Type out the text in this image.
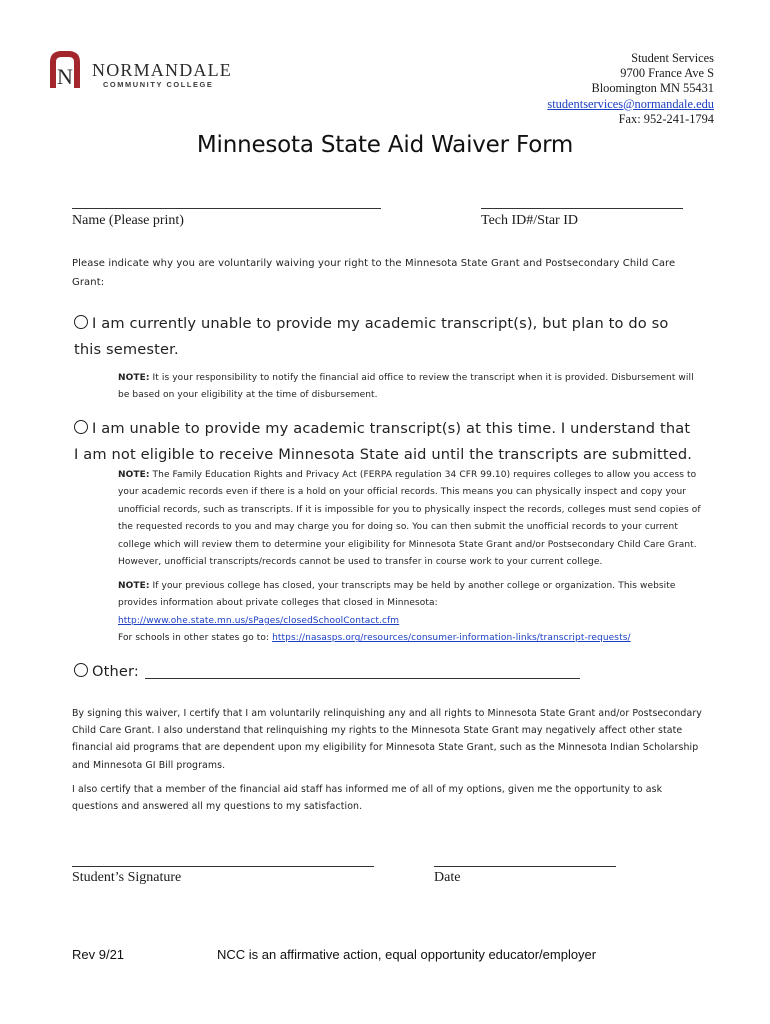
N NORMANDALE
COMMUNITY COLLEGE
Student Services
9700 France Ave S
Bloomington MN 55431
studentservices@normandale.edu
Fax: 952-241-1794
Minnesota State Aid Waiver Form
Name (Please print)	Tech ID#/Star ID
Please indicate why you are voluntarily waiving your right to the Minnesota State Grant and Postsecondary Child Care Grant:
I am currently unable to provide my academic transcript(s), but plan to do so this semester.
NOTE: It is your responsibility to notify the financial aid office to review the transcript when it is provided. Disbursement will be based on your eligibility at the time of disbursement.
I am unable to provide my academic transcript(s) at this time. I understand that I am not eligible to receive Minnesota State aid until the transcripts are submitted.
NOTE: The Family Education Rights and Privacy Act (FERPA regulation 34 CFR 99.10) requires colleges to allow you access to your academic records even if there is a hold on your official records. This means you can physically inspect and copy your unofficial records, such as transcripts. If it is impossible for you to physically inspect the records, colleges must send copies of the requested records to you and may charge you for doing so. You can then submit the unofficial records to your current college which will review them to determine your eligibility for Minnesota State Grant and/or Postsecondary Child Care Grant. However, unofficial transcripts/records cannot be used to transfer in course work to your current college.
NOTE: If your previous college has closed, your transcripts may be held by another college or organization. This website provides information about private colleges that closed in Minnesota:
http://www.ohe.state.mn.us/sPages/closedSchoolContact.cfm
For schools in other states go to: https://nasasps.org/resources/consumer-information-links/transcript-requests/
Other:
By signing this waiver, I certify that I am voluntarily relinquishing any and all rights to Minnesota State Grant and/or Postsecondary Child Care Grant. I also understand that relinquishing my rights to the Minnesota State Grant may negatively affect other state financial aid programs that are dependent upon my eligibility for Minnesota State Grant, such as the Minnesota Indian Scholarship and Minnesota GI Bill programs.
I also certify that a member of the financial aid staff has informed me of all of my options, given me the opportunity to ask questions and answered all my questions to my satisfaction.
Student’s Signature	Date
Rev 9/21	NCC is an affirmative action, equal opportunity educator/employer
